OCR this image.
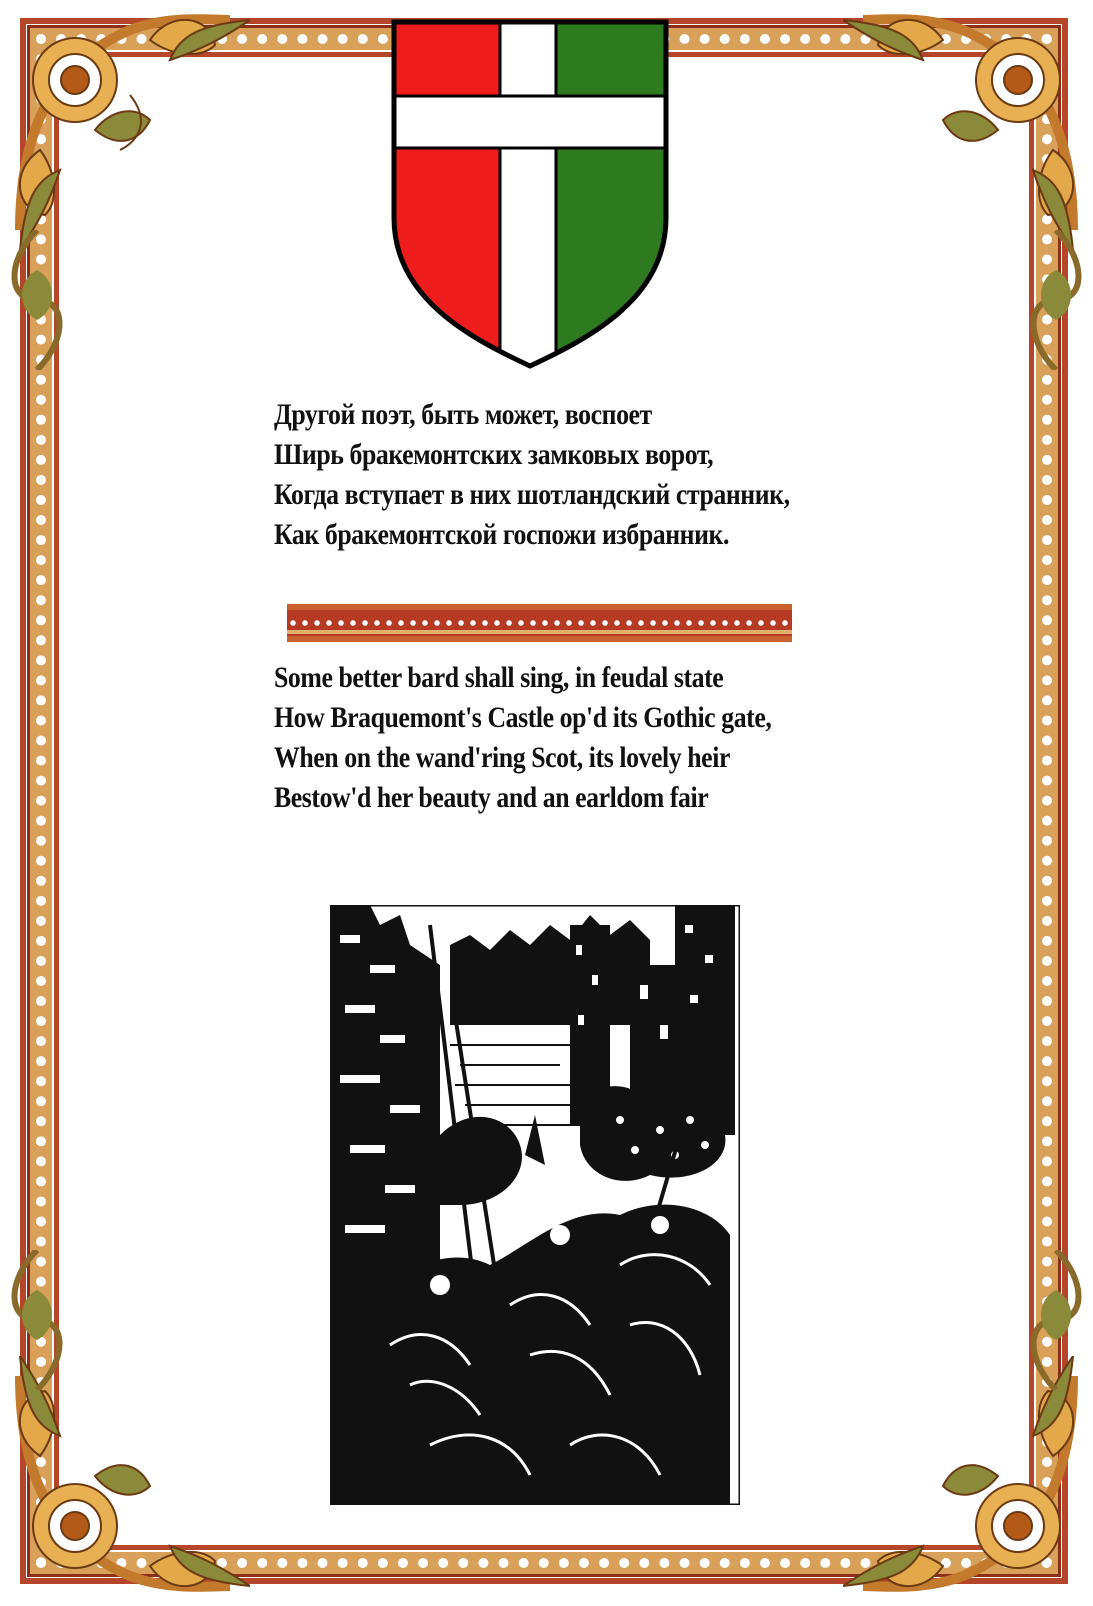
Другой поэт, быть может, воспоет
Ширь бракемонтских замковых ворот,
Когда вступает в них шотландский странник,
Как бракемонтской госпожи избранник.
Some better bard shall sing, in feudal state
How Braquemont's Castle op'd its Gothic gate,
When on the wand'ring Scot, its lovely heir
Bestow'd her beauty and an earldom fair
